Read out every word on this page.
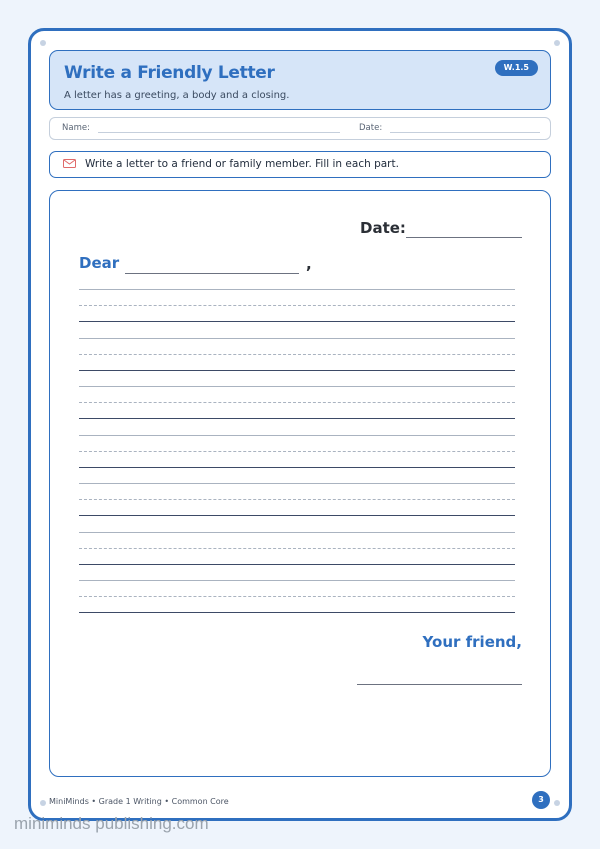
Write a Friendly Letter
A letter has a greeting, a body and a closing.
W.1.5
Name:	Date:
Write a letter to a friend or family member. Fill in each part.
Date:
Dear	,
Your friend,
MiniMinds • Grade 1 Writing • Common Core	3
miniminds publishing.com
